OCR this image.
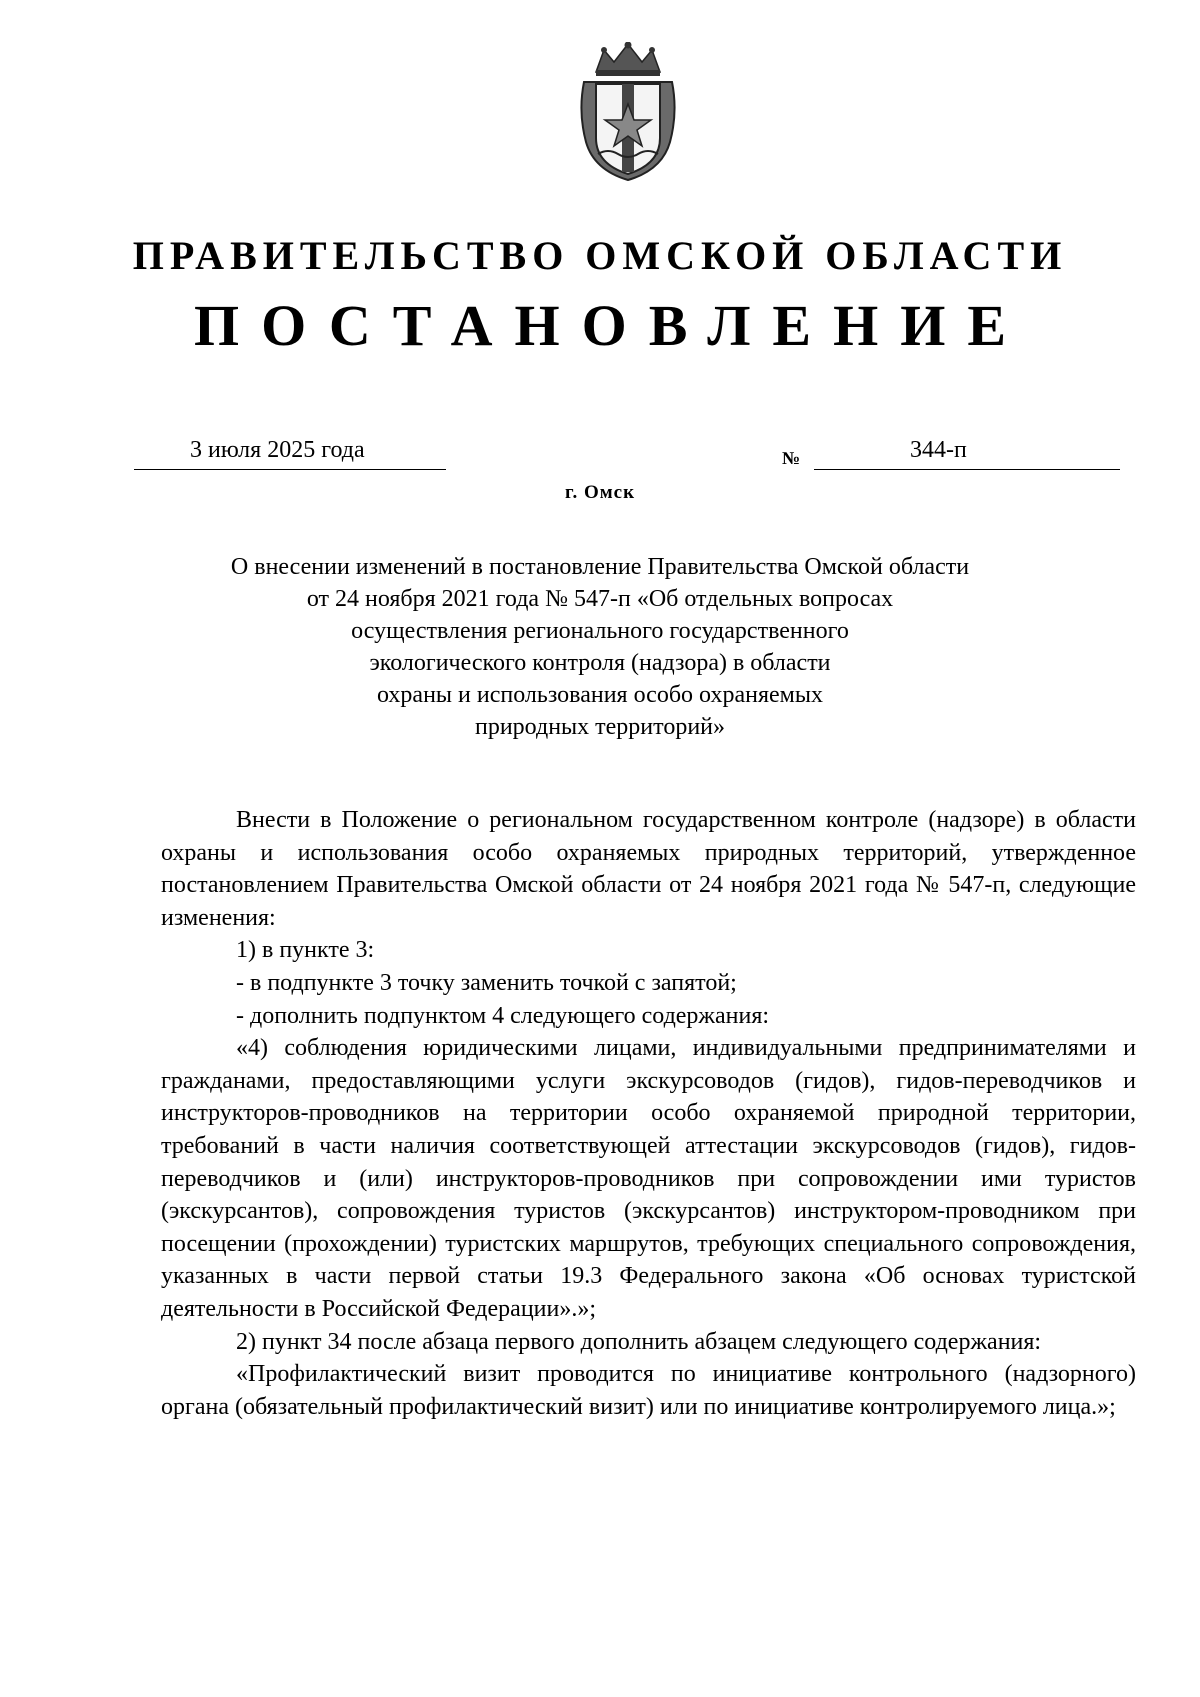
ПРАВИТЕЛЬСТВО ОМСКОЙ ОБЛАСТИ
ПОСТАНОВЛЕНИЕ
3 июля 2025 года	№	344-п
г. Омск
О внесении изменений в постановление Правительства Омской области
от 24 ноября 2021 года № 547-п «Об отдельных вопросах
осуществления регионального государственного
экологического контроля (надзора) в области
охраны и использования особо охраняемых
природных территорий»

Внести в Положение о региональном государственном контроле (надзоре) в области охраны и использования особо охраняемых природных территорий, утвержденное постановлением Правительства Омской области от 24 ноября 2021 года № 547-п, следующие изменения:

1) в пункте 3:

- в подпункте 3 точку заменить точкой с запятой;

- дополнить подпунктом 4 следующего содержания:

«4) соблюдения юридическими лицами, индивидуальными предпринимателями и гражданами, предоставляющими услуги экскурсоводов (гидов), гидов-переводчиков и инструкторов-проводников на территории особо охраняемой природной территории, требований в части наличия соответствующей аттестации экскурсоводов (гидов), гидов-переводчиков и (или) инструкторов-проводников при сопровождении ими туристов (экскурсантов), сопровождения туристов (экскурсантов) инструктором-проводником при посещении (прохождении) туристских маршрутов, требующих специального сопровождения, указанных в части первой статьи 19.3 Федерального закона «Об основах туристской деятельности в Российской Федерации».»;

2) пункт 34 после абзаца первого дополнить абзацем следующего содержания:

«Профилактический визит проводится по инициативе контрольного (надзорного) органа (обязательный профилактический визит) или по инициативе контролируемого лица.»;
